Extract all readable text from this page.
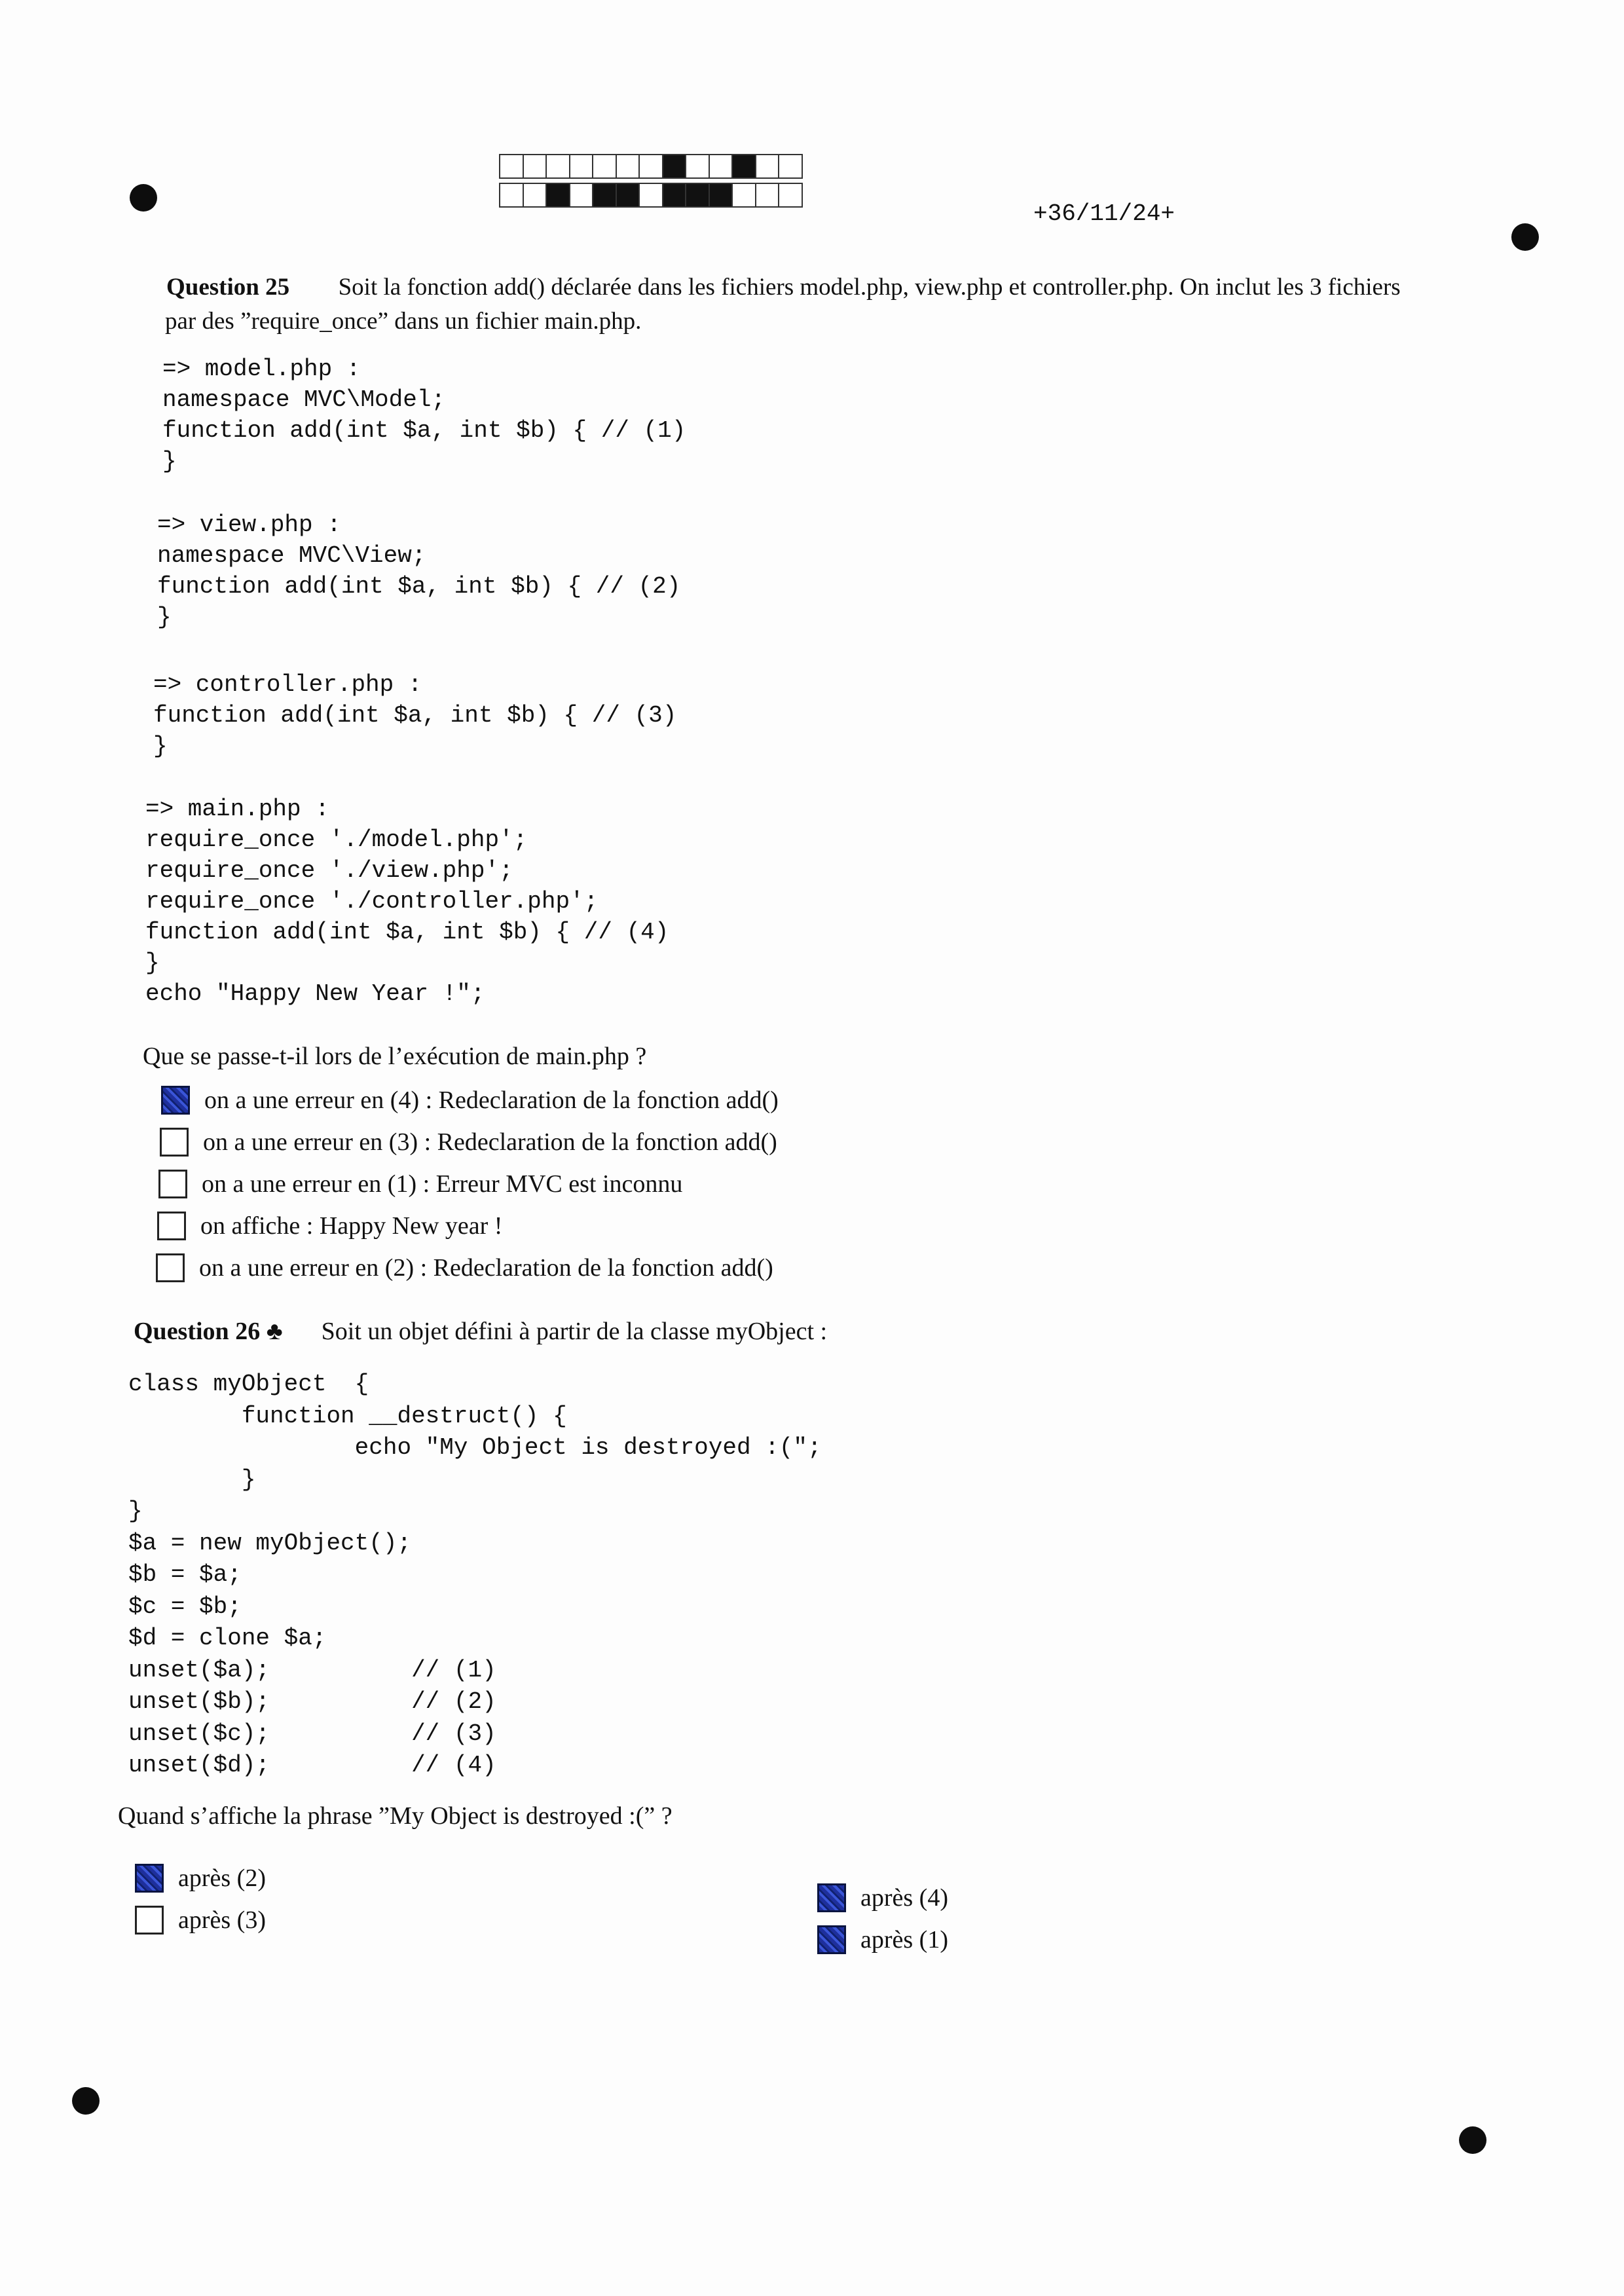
+36/11/24+
Question 25 Soit la fonction add() déclarée dans les fichiers model.php, view.php et controller.php. On inclut les 3 fichiers
par des ”require_once” dans un fichier main.php.
=> model.php :
namespace MVC\Model;
function add(int $a, int $b) { // (1)
}
=> view.php :
namespace MVC\View;
function add(int $a, int $b) { // (2)
}
=> controller.php :
function add(int $a, int $b) { // (3)
}
=> main.php :
require_once './model.php';
require_once './view.php';
require_once './controller.php';
function add(int $a, int $b) { // (4)
}
echo "Happy New Year !";
Que se passe-t-il lors de l’exécution de main.php ?
on a une erreur en (4) : Redeclaration de la fonction add()
on a une erreur en (3) : Redeclaration de la fonction add()
on a une erreur en (1) : Erreur MVC est inconnu
on affiche : Happy New year !
on a une erreur en (2) : Redeclaration de la fonction add()
Question 26 ♣ Soit un objet défini à partir de la classe myObject :
class myObject  {
function __destruct() {
echo "My Object is destroyed :(";
}
}
$a = new myObject();
$b = $a;
$c = $b;
$d = clone $a;
unset($a);          // (1)
unset($b);          // (2)
unset($c);          // (3)
unset($d);          // (4)
Quand s’affiche la phrase ”My Object is destroyed :(” ?
après (2)
après (3)
après (4)
après (1)
